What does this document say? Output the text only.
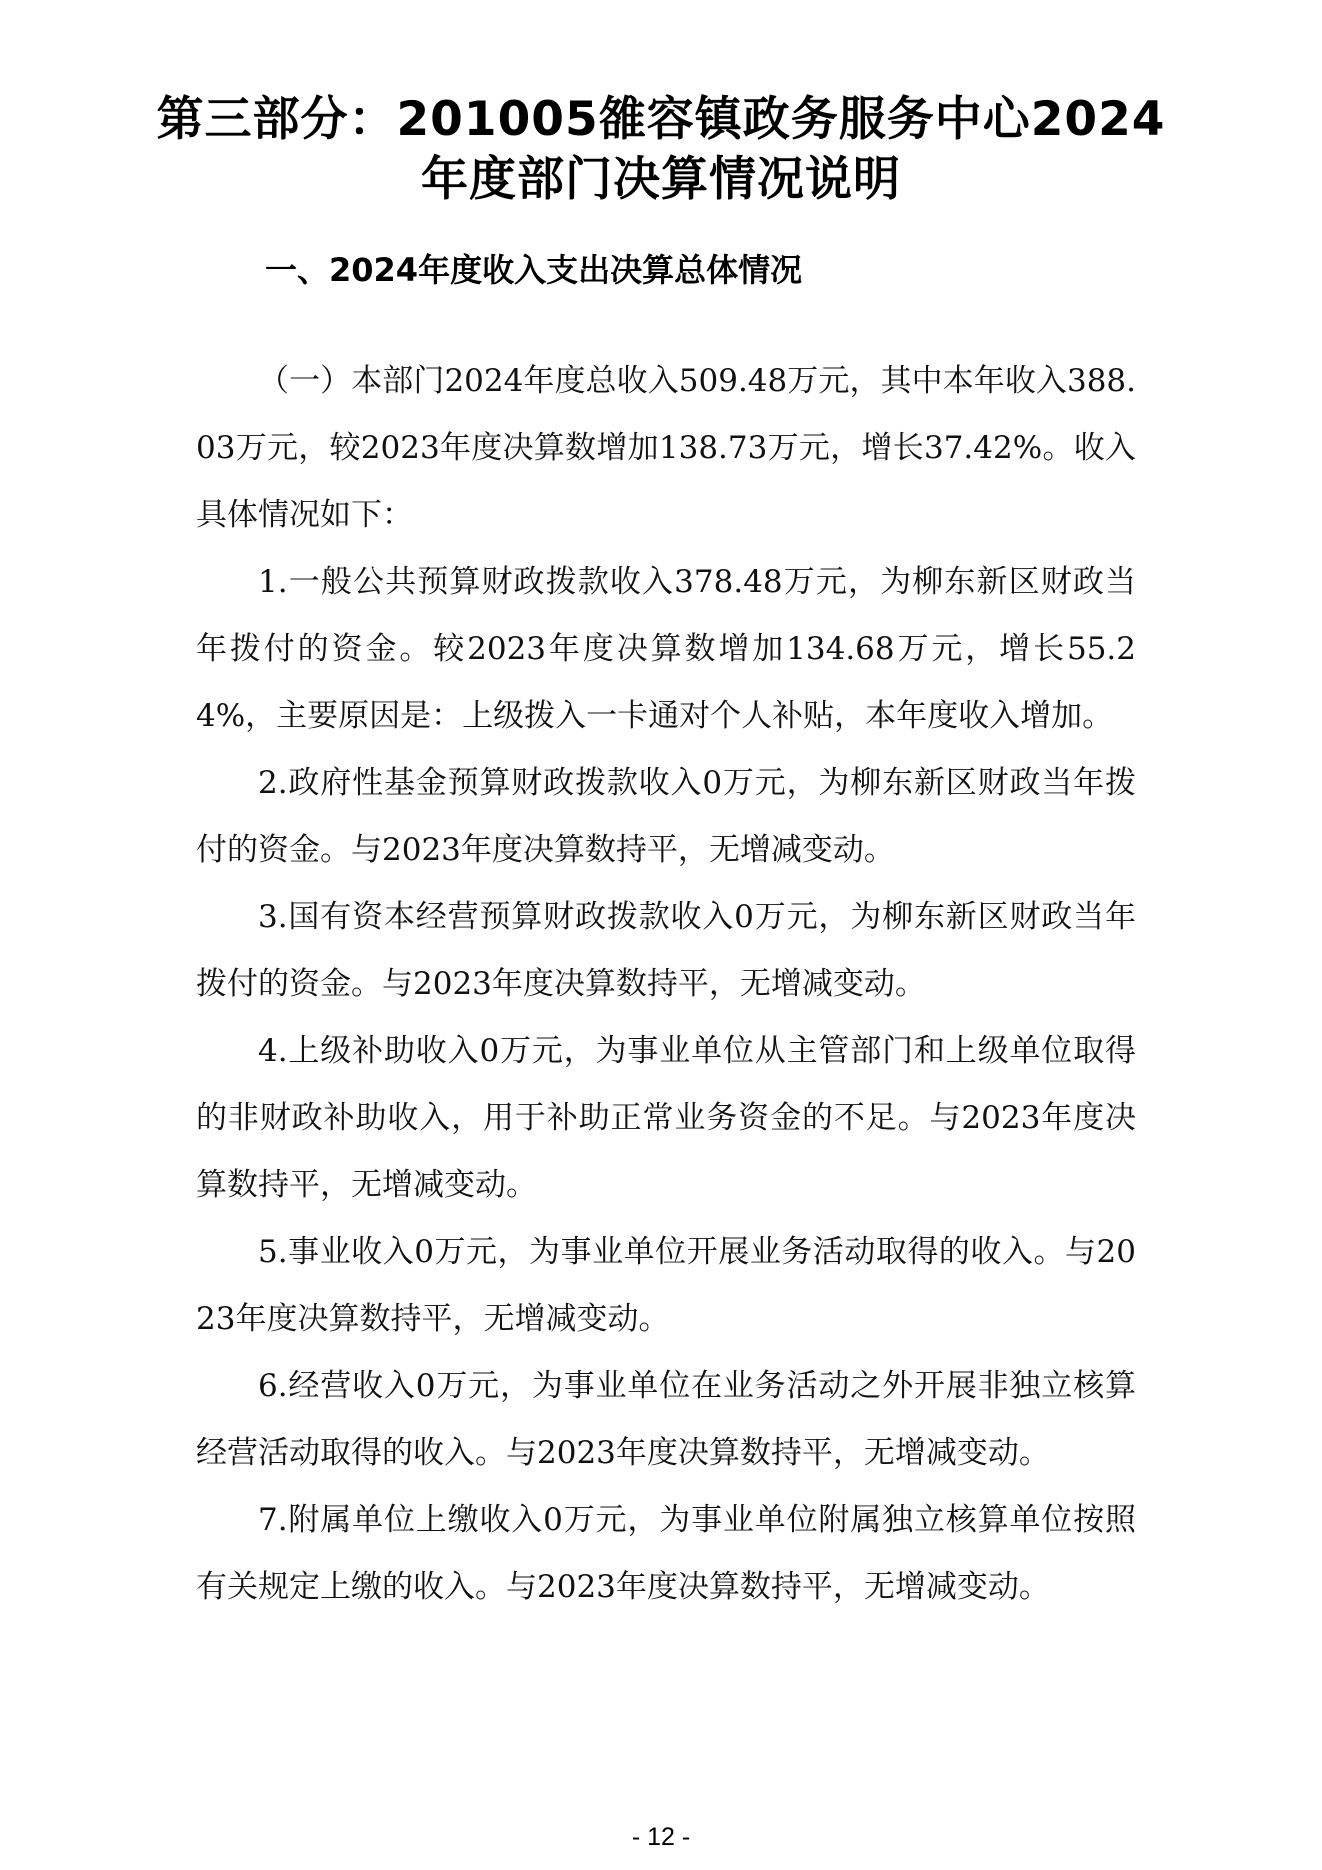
第三部分：201005雒容镇政务服务中心2024年度部门决算情况说明
一、2024年度收入支出决算总体情况

（一）本部门2024年度总收入509.48万元，其中本年收入388.03万元，较2023年度决算数增加138.73万元，增长37.42%。收入具体情况如下：

1.一般公共预算财政拨款收入378.48万元，为柳东新区财政当年拨付的资金。较2023年度决算数增加134.68万元，增长55.24%，主要原因是：上级拨入一卡通对个人补贴，本年度收入增加。

2.政府性基金预算财政拨款收入0万元，为柳东新区财政当年拨付的资金。与2023年度决算数持平，无增减变动。

3.国有资本经营预算财政拨款收入0万元，为柳东新区财政当年拨付的资金。与2023年度决算数持平，无增减变动。

4.上级补助收入0万元，为事业单位从主管部门和上级单位取得的非财政补助收入，用于补助正常业务资金的不足。与2023年度决算数持平，无增减变动。

5.事业收入0万元，为事业单位开展业务活动取得的收入。与2023年度决算数持平，无增减变动。

6.经营收入0万元，为事业单位在业务活动之外开展非独立核算经营活动取得的收入。与2023年度决算数持平，无增减变动。

7.附属单位上缴收入0万元，为事业单位附属独立核算单位按照有关规定上缴的收入。与2023年度决算数持平，无增减变动。

- 12 -
